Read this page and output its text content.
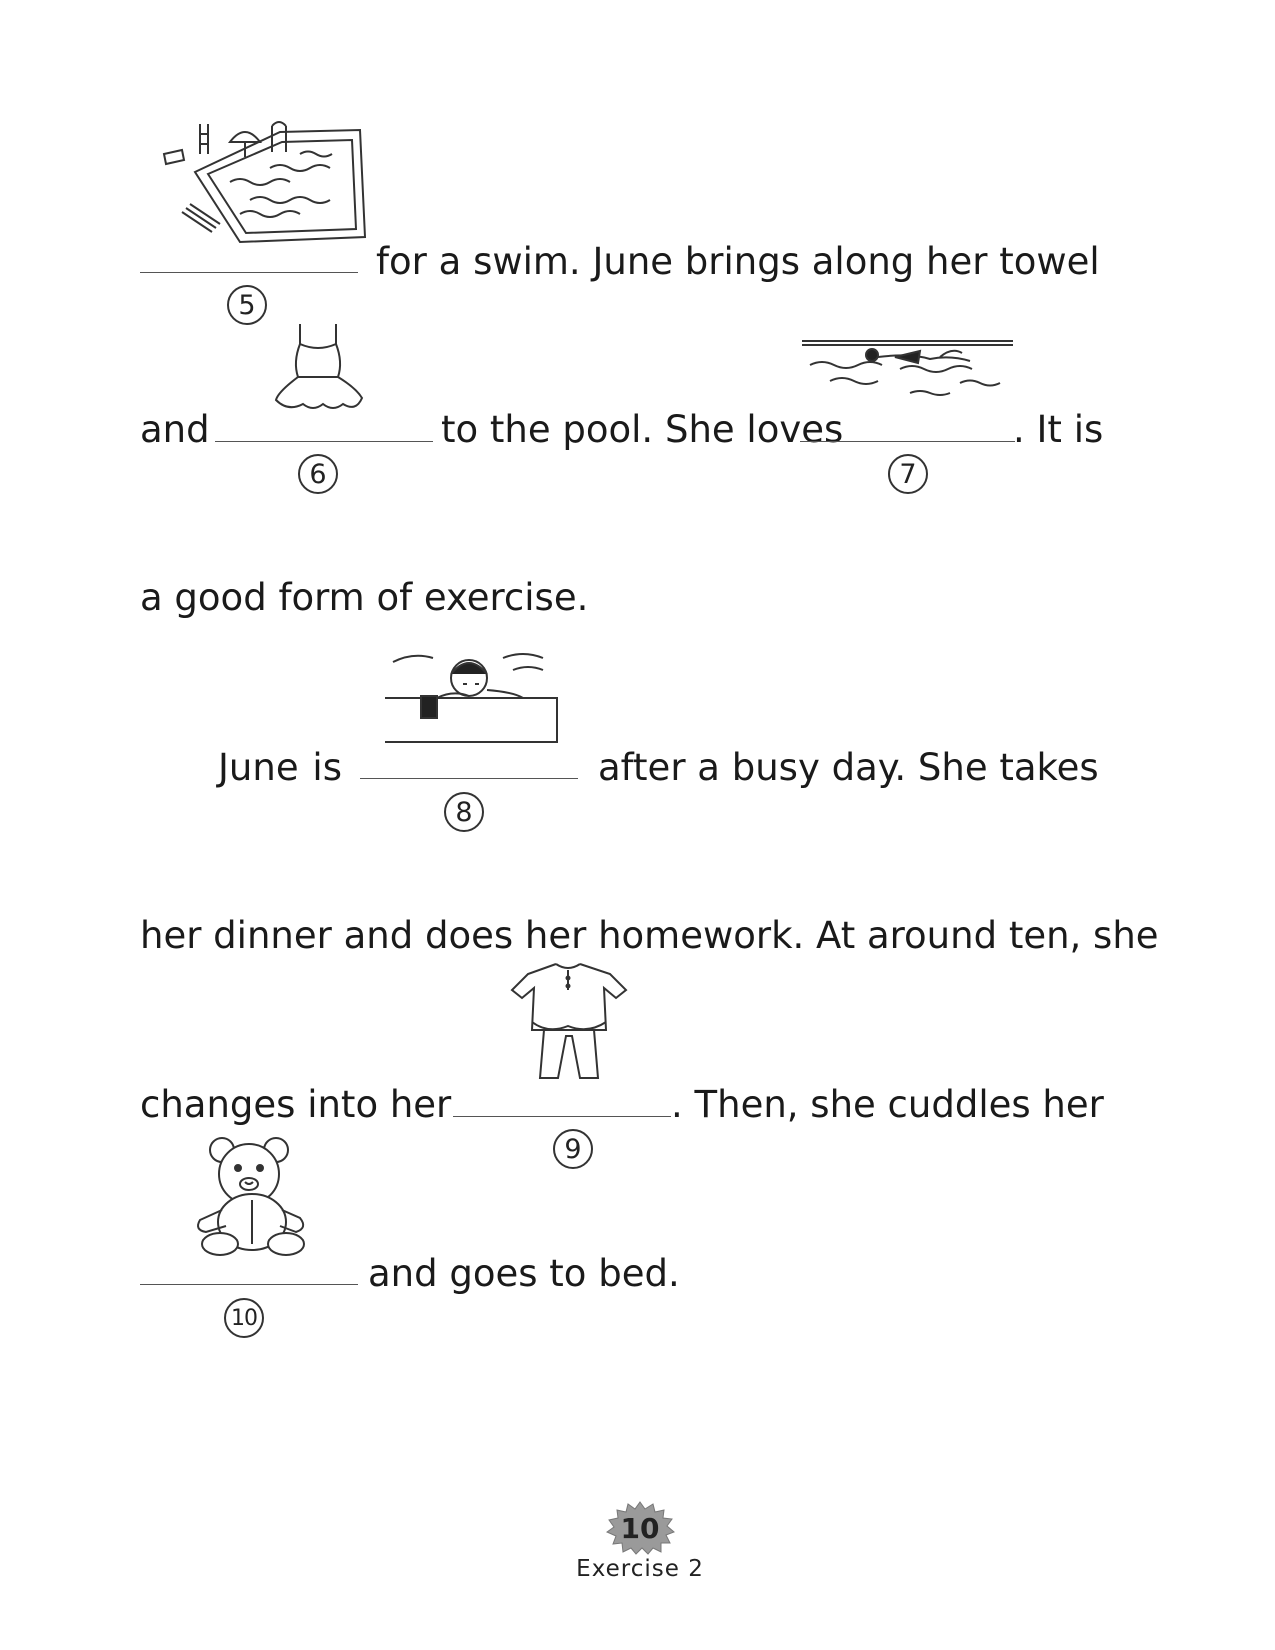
5
for a swim. June brings along her towel
and
6
to the pool. She loves
7
. It is
a good form of exercise.
June is
8
after a busy day. She takes
her dinner and does her homework. At around ten, she
changes into her
9
. Then, she cuddles her
10
and goes to bed.
10
Exercise 2
